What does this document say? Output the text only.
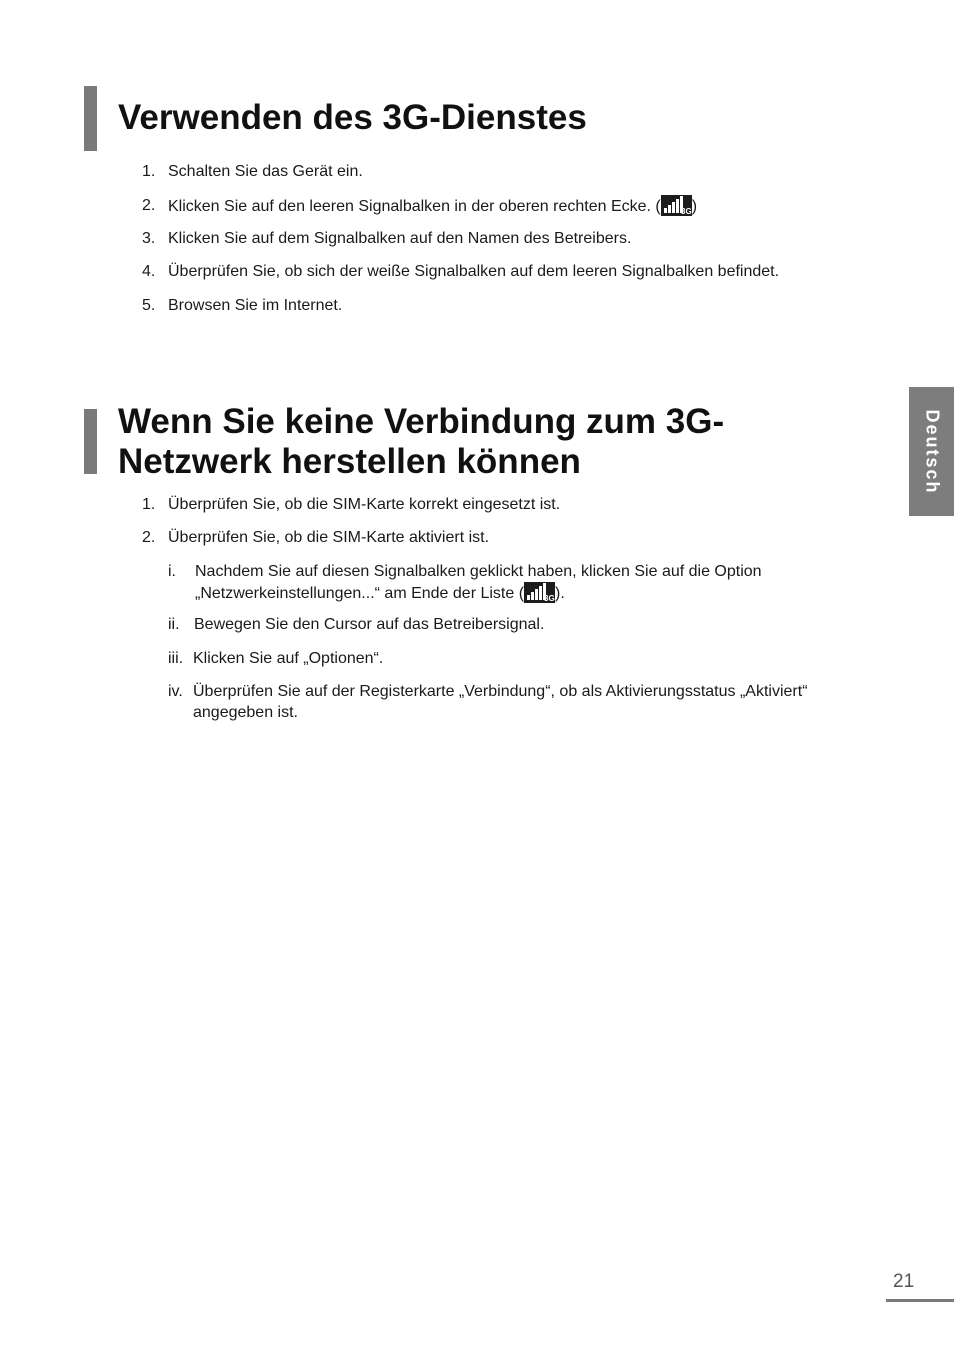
Verwenden des 3G-Dienstes
1. Schalten Sie das Gerät ein.
2. Klicken Sie auf den leeren Signalbalken in der oberen rechten Ecke. ( )
3. Klicken Sie auf dem Signalbalken auf den Namen des Betreibers.
4. Überprüfen Sie, ob sich der weiße Signalbalken auf dem leeren Signalbalken befindet.
5. Browsen Sie im Internet.
Wenn Sie keine Verbindung zum 3G-
Netzwerk herstellen können
1. Überprüfen Sie, ob die SIM-Karte korrekt eingesetzt ist.
2. Überprüfen Sie, ob die SIM-Karte aktiviert ist.
i. Nachdem Sie auf diesen Signalbalken geklickt haben, klicken Sie auf die Option
„Netzwerkeinstellungen...“ am Ende der Liste ( ).
ii. Bewegen Sie den Cursor auf das Betreibersignal.
iii. Klicken Sie auf „Optionen“.
iv. Überprüfen Sie auf der Registerkarte „Verbindung“, ob als Aktivierungsstatus „Aktiviert“
angegeben ist.
Deutsch
21
